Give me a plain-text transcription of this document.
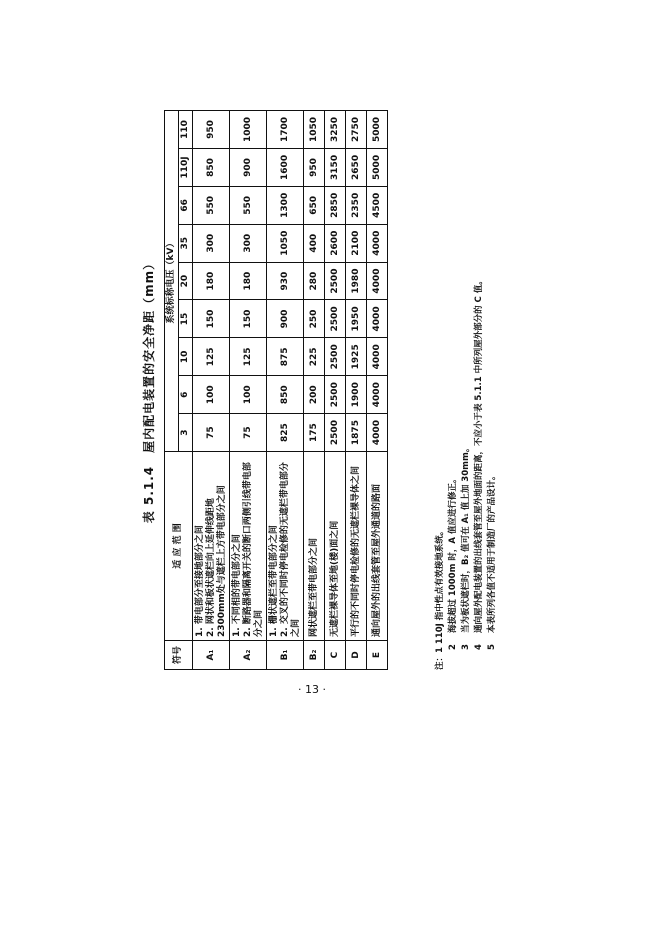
表 5.1.4　屋内配电装置的安全净距（mm）
符号	适 应 范 围	系统标称电压（kV）								
		3	6	10	15	20	35	66	110J	110
A₁	1. 带电部分至接地部分之间 2. 网状和板状遮栏向上延伸线距地2300mm处与遮栏上方带电部分之间	75	100	125	150	180	300	550	850	950
A₂	1. 不同相的带电部分之间 2. 断路器和隔离开关的断口两侧引线带电部分之间	75	100	125	150	180	300	550	900	1000
B₁	1. 栅状遮栏至带电部分之间 2. 交叉的不同时停电检修的无遮栏带电部分之间	825	850	875	900	930	1050	1300	1600	1700
B₂	网状遮栏至带电部分之间	175	200	225	250	280	400	650	950	1050
C	无遮栏裸导体至地(楼)面之间	2500	2500	2500	2500	2500	2600	2850	3150	3250
D	平行的不同时停电检修的无遮栏裸导体之间	1875	1900	1925	1950	1980	2100	2350	2650	2750
E	通向屋外的出线套管至屋外通道的路面	4000	4000	4000	4000	4000	4000	4500	5000	5000
注：1 110J 指中性点有效接地系统。
2 海拔超过 1000m 时，A 值应进行修正。
3 当为板状遮栏时，B₂ 值可在 A₁ 值上加 30mm。
4 通向屋外配电装置的出线套管至屋外地面的距离，不应小于表 5.1.1 中所列屋外部分的 C 值。
5 本表所列各值不适用于制造厂的产品设计。
· 13 ·
